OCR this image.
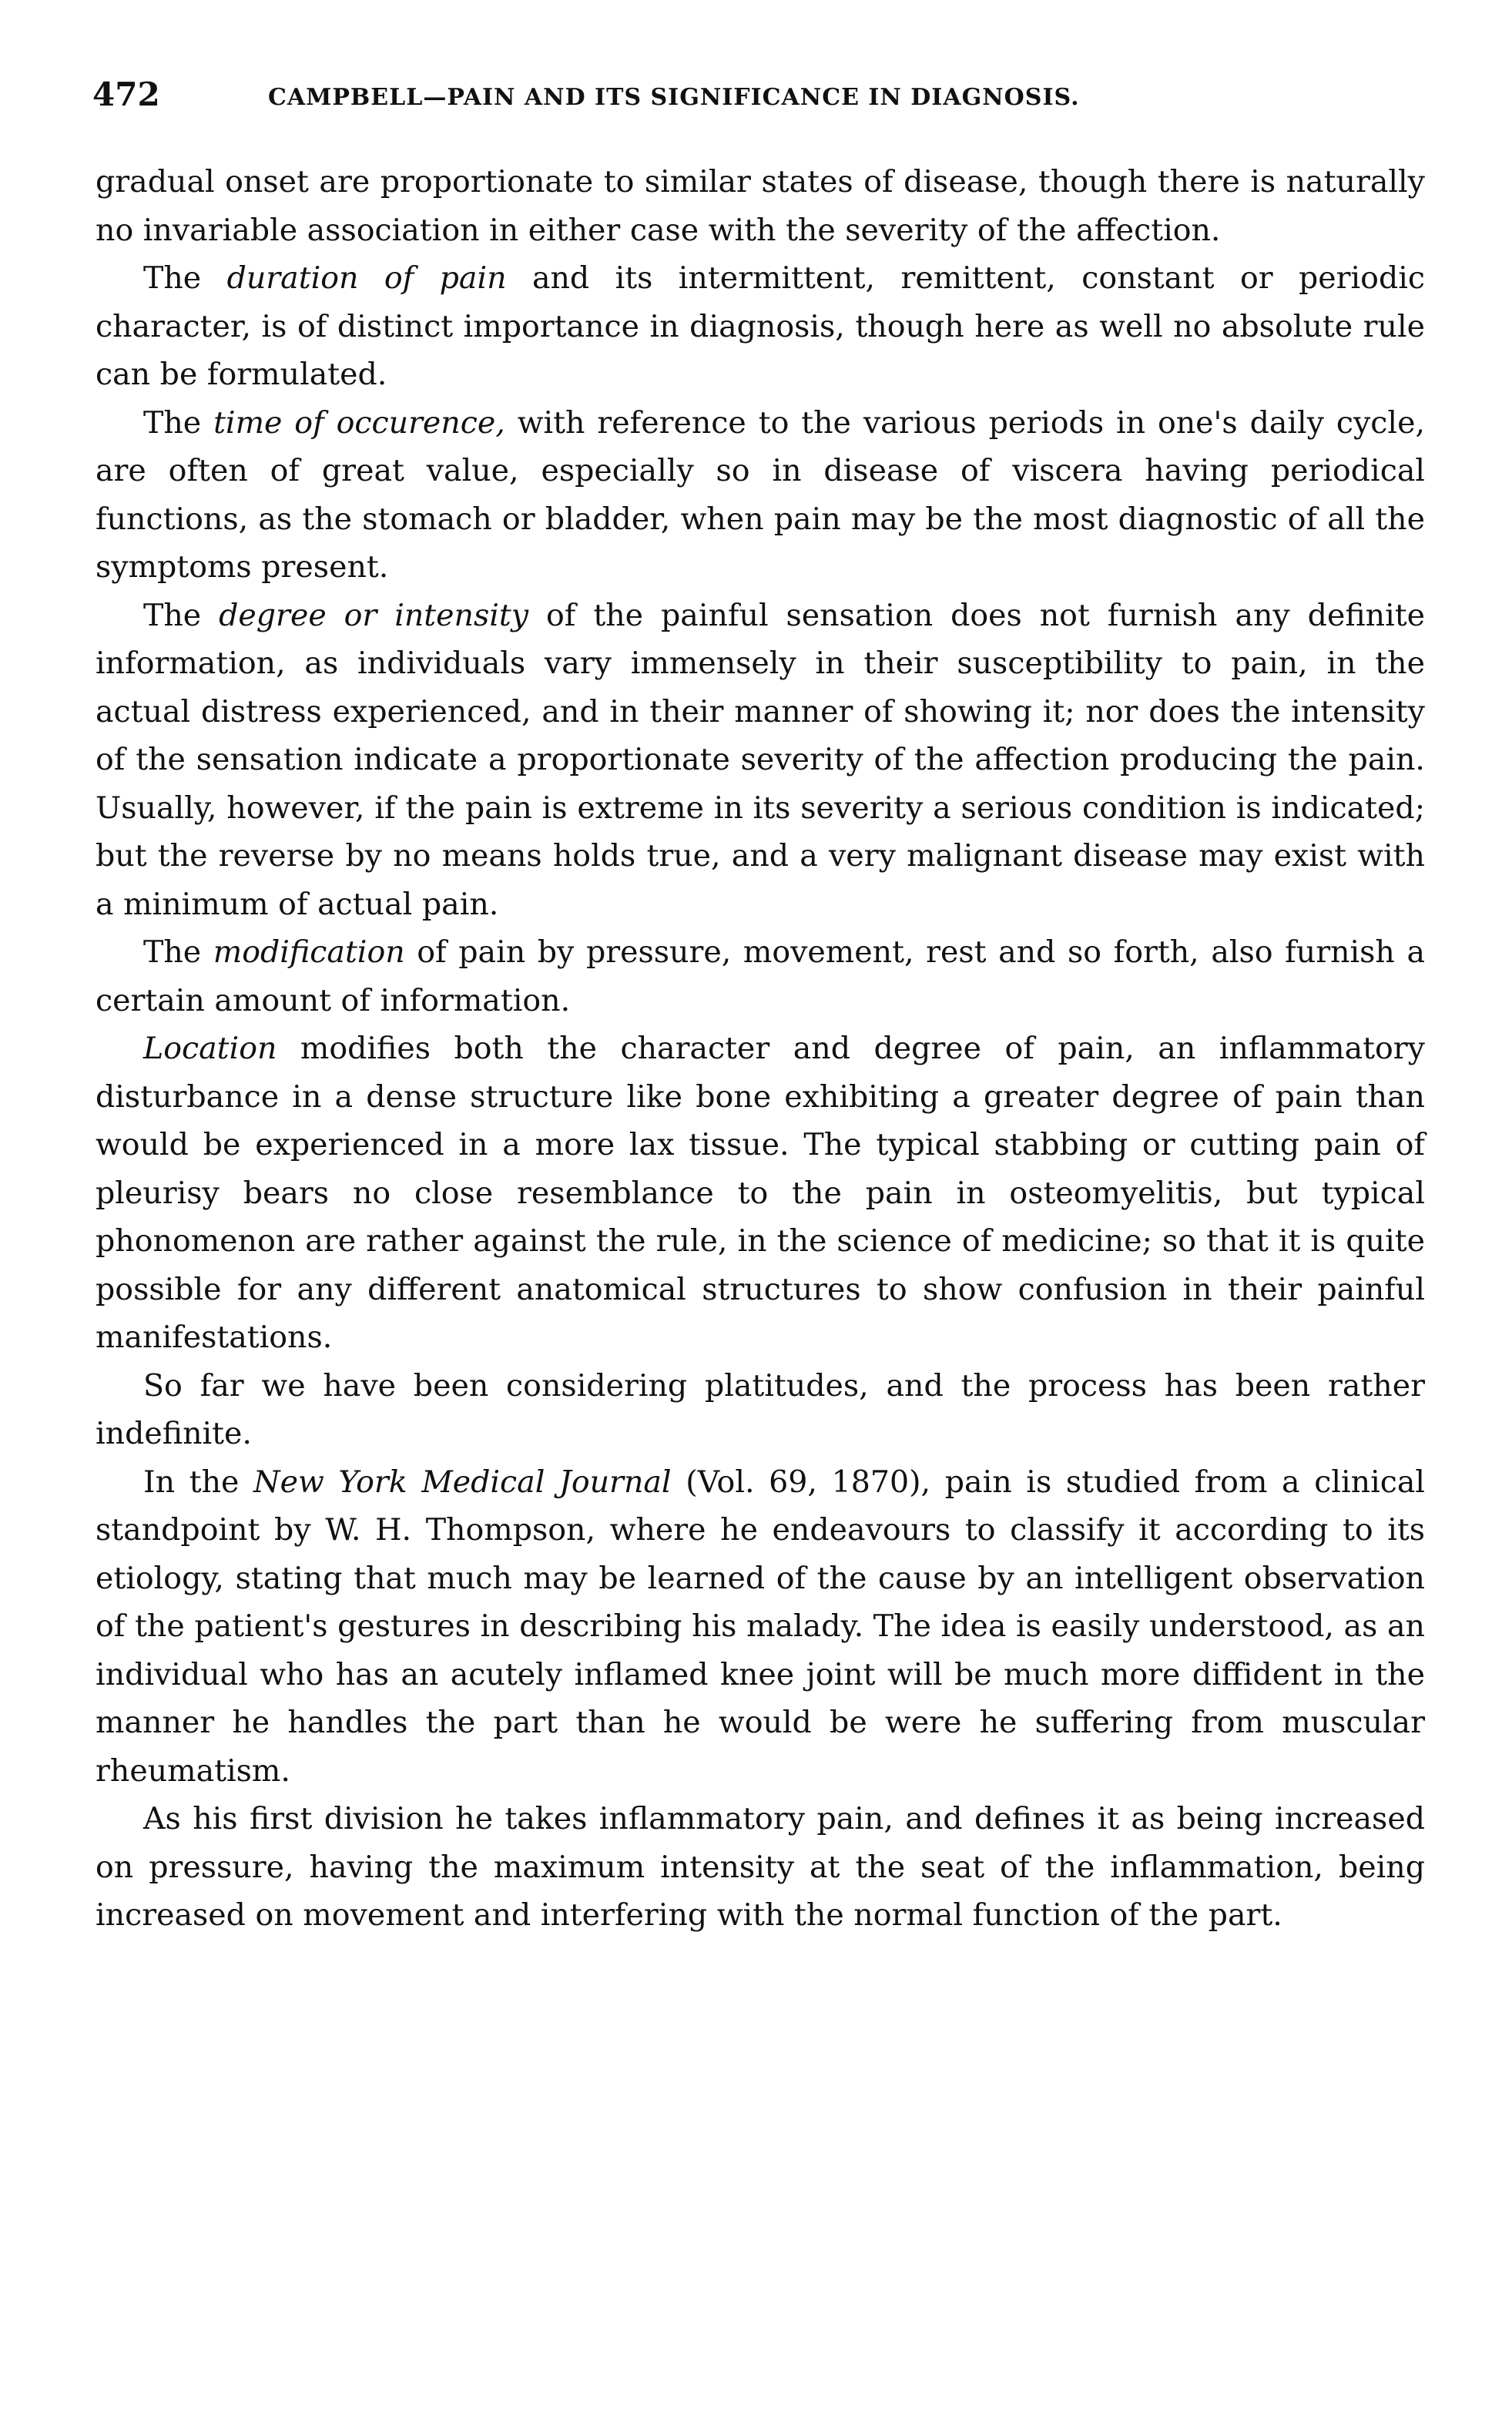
472	CAMPBELL—PAIN AND ITS SIGNIFICANCE IN DIAGNOSIS.

gradual onset are proportionate to similar states of disease, though there is naturally no invariable association in either case with the severity of the affection.

The duration of pain and its intermittent, remittent, constant or periodic character, is of distinct importance in diagnosis, though here as well no absolute rule can be formulated.

The time of occurence, with reference to the various periods in one's daily cycle, are often of great value, especially so in disease of viscera having periodical functions, as the stomach or bladder, when pain may be the most diagnostic of all the symptoms present.

The degree or intensity of the painful sensation does not furnish any definite information, as individuals vary immensely in their susceptibility to pain, in the actual distress experienced, and in their manner of showing it; nor does the intensity of the sensation indicate a proportionate severity of the affection producing the pain. Usually, however, if the pain is extreme in its severity a serious condition is indicated; but the reverse by no means holds true, and a very malignant disease may exist with a minimum of actual pain.

The modification of pain by pressure, movement, rest and so forth, also furnish a certain amount of information.

Location modifies both the character and degree of pain, an inflammatory disturbance in a dense structure like bone exhibiting a greater degree of pain than would be experienced in a more lax tissue. The typical stabbing or cutting pain of pleurisy bears no close resemblance to the pain in osteomyelitis, but typical phonomenon are rather against the rule, in the science of medicine; so that it is quite possible for any different anatomical structures to show confusion in their painful manifestations.

So far we have been considering platitudes, and the process has been rather indefinite.

In the New York Medical Journal (Vol. 69, 1870), pain is studied from a clinical standpoint by W. H. Thompson, where he endeavours to classify it according to its etiology, stating that much may be learned of the cause by an intelligent observation of the patient's gestures in describing his malady. The idea is easily understood, as an individual who has an acutely inflamed knee joint will be much more diffident in the manner he handles the part than he would be were he suffering from muscular rheumatism.

As his first division he takes inflammatory pain, and defines it as being increased on pressure, having the maximum intensity at the seat of the inflammation, being increased on movement and interfering with the normal function of the part.
